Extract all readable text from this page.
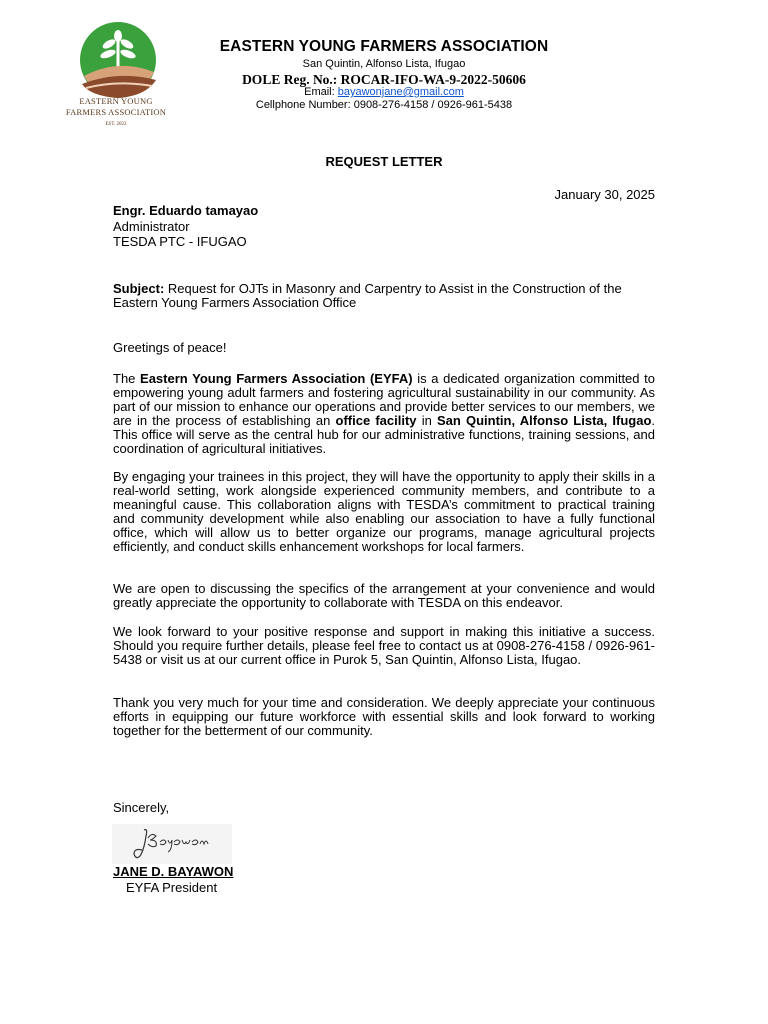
EASTERN YOUNG
FARMERS ASSOCIATION
EST. 2022
EASTERN YOUNG FARMERS ASSOCIATION
San Quintin, Alfonso Lista, Ifugao
DOLE Reg. No.: ROCAR-IFO-WA-9-2022-50606
Email: bayawonjane@gmail.com
Cellphone Number: 0908-276-4158 / 0926-961-5438
REQUEST LETTER
January 30, 2025
Engr. Eduardo tamayao
Administrator
TESDA PTC - IFUGAO
Subject: Request for OJTs in Masonry and Carpentry to Assist in the Construction of the Eastern Young Farmers Association Office
Greetings of peace!

The Eastern Young Farmers Association (EYFA) is a dedicated organization committed to empowering young adult farmers and fostering agricultural sustainability in our community. As part of our mission to enhance our operations and provide better services to our members, we are in the process of establishing an office facility in San Quintin, Alfonso Lista, Ifugao. This office will serve as the central hub for our administrative functions, training sessions, and coordination of agricultural initiatives.

By engaging your trainees in this project, they will have the opportunity to apply their skills in a real-world setting, work alongside experienced community members, and contribute to a meaningful cause. This collaboration aligns with TESDA’s commitment to practical training and community development while also enabling our association to have a fully functional office, which will allow us to better organize our programs, manage agricultural projects efficiently, and conduct skills enhancement workshops for local farmers.
We are open to discussing the specifics of the arrangement at your convenience and would greatly appreciate the opportunity to collaborate with TESDA on this endeavor.
We look forward to your positive response and support in making this initiative a success. Should you require further details, please feel free to contact us at 0908-276-4158 / 0926-961-5438 or visit us at our current office in Purok 5, San Quintin, Alfonso Lista, Ifugao.
Thank you very much for your time and consideration. We deeply appreciate your continuous efforts in equipping our future workforce with essential skills and look forward to working together for the betterment of our community.
Sincerely,
JANE D. BAYAWON
EYFA President
